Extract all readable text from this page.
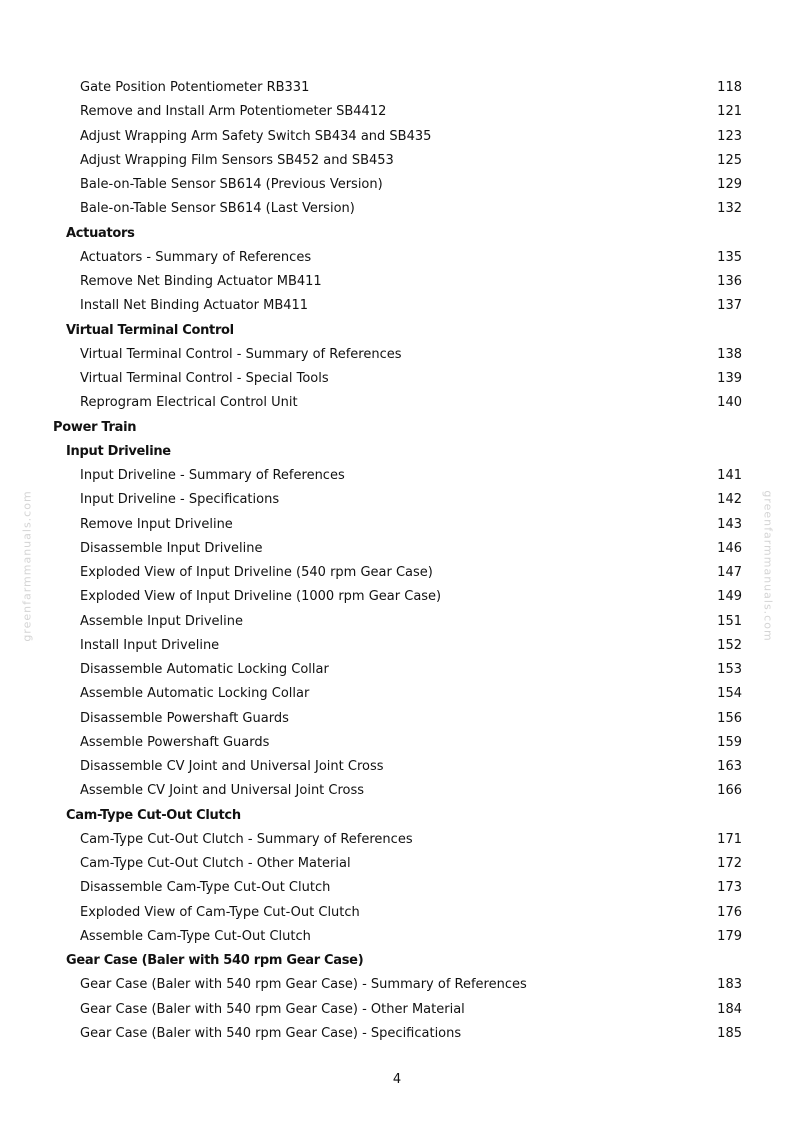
Gate Position Potentiometer RB331	118
Remove and Install Arm Potentiometer SB4412	121
Adjust Wrapping Arm Safety Switch SB434 and SB435	123
Adjust Wrapping Film Sensors SB452 and SB453	125
Bale-on-Table Sensor SB614 (Previous Version)	129
Bale-on-Table Sensor SB614 (Last Version)	132
Actuators
Actuators - Summary of References	135
Remove Net Binding Actuator MB411	136
Install Net Binding Actuator MB411	137
Virtual Terminal Control
Virtual Terminal Control - Summary of References	138
Virtual Terminal Control - Special Tools	139
Reprogram Electrical Control Unit	140
Power Train
Input Driveline
Input Driveline - Summary of References	141
Input Driveline - Specifications	142
Remove Input Driveline	143
Disassemble Input Driveline	146
Exploded View of Input Driveline (540 rpm Gear Case)	147
Exploded View of Input Driveline (1000 rpm Gear Case)	149
Assemble Input Driveline	151
Install Input Driveline	152
Disassemble Automatic Locking Collar	153
Assemble Automatic Locking Collar	154
Disassemble Powershaft Guards	156
Assemble Powershaft Guards	159
Disassemble CV Joint and Universal Joint Cross	163
Assemble CV Joint and Universal Joint Cross	166
Cam-Type Cut-Out Clutch
Cam-Type Cut-Out Clutch - Summary of References	171
Cam-Type Cut-Out Clutch - Other Material	172
Disassemble Cam-Type Cut-Out Clutch	173
Exploded View of Cam-Type Cut-Out Clutch	176
Assemble Cam-Type Cut-Out Clutch	179
Gear Case (Baler with 540 rpm Gear Case)
Gear Case (Baler with 540 rpm Gear Case) - Summary of References	183
Gear Case (Baler with 540 rpm Gear Case) - Other Material	184
Gear Case (Baler with 540 rpm Gear Case) - Specifications	185
greenfarmmanuals.com	greenfarmmanuals.com
4
